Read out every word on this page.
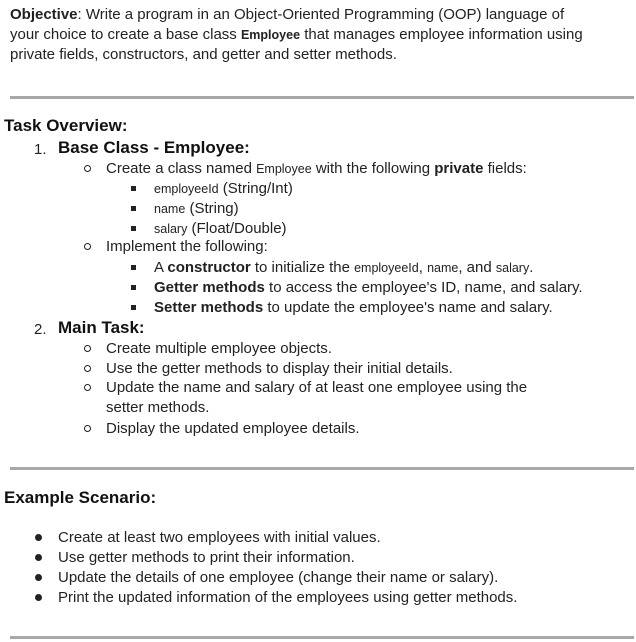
Objective: Write a program in an Object-Oriented Programming (OOP) language of
your choice to create a base class Employee that manages employee information using
private fields, constructors, and getter and setter methods.
Task Overview:
1. Base Class - Employee:
Create a class named Employee with the following private fields:
employeeId (String/Int)
name (String)
salary (Float/Double)
Implement the following:
A constructor to initialize the employeeId, name, and salary.
Getter methods to access the employee's ID, name, and salary.
Setter methods to update the employee's name and salary.
2. Main Task:
Create multiple employee objects.
Use the getter methods to display their initial details.
Update the name and salary of at least one employee using the
setter methods.
Display the updated employee details.
Example Scenario:
Create at least two employees with initial values.
Use getter methods to print their information.
Update the details of one employee (change their name or salary).
Print the updated information of the employees using getter methods.
